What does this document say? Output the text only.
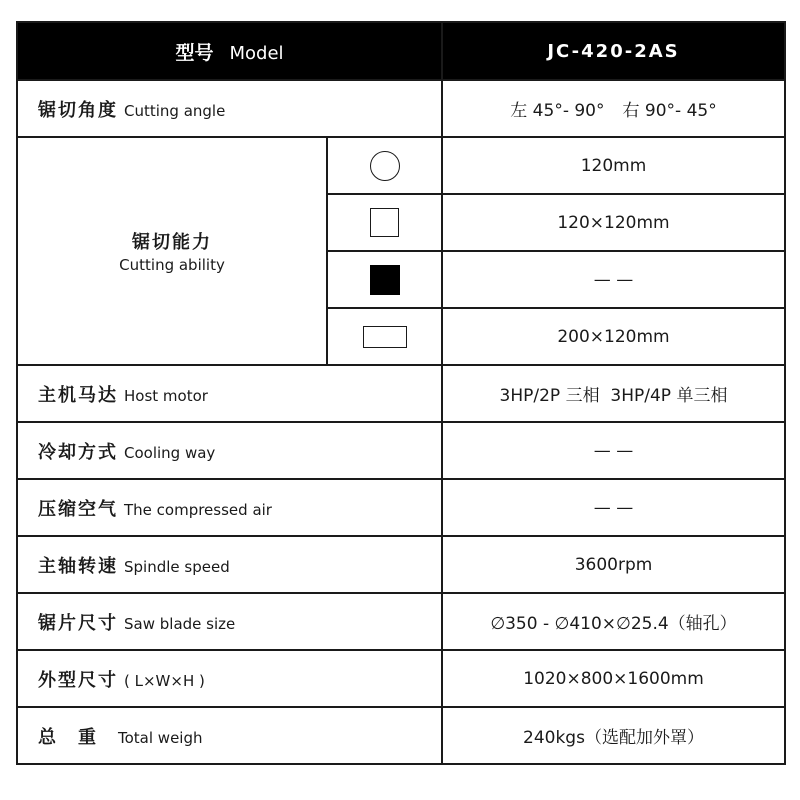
型号 Model		JC-420-2AS
锯切角度 Cutting angle		左 45°- 90° 右 90°- 45°

锯切能力
Cutting ability		120mm
		120×120mm
		— —
		200×120mm
主机马达 Host motor		3HP/2P 三相 3HP/4P 单三相
冷却方式 Cooling way		— —
压缩空气 The compressed air		— —
主轴转速 Spindle speed		3600rpm
锯片尺寸 Saw blade size		∅350 - ∅410×∅25.4（轴孔）
外型尺寸 ( L×W×H )		1020×800×1600mm
总　重 Total weigh		240kgs（选配加外罩）
